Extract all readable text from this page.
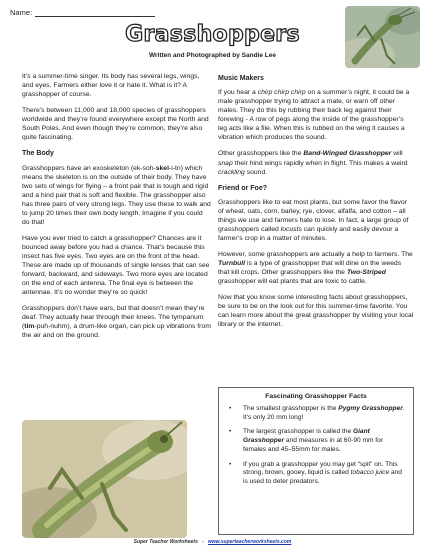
Name:
Grasshoppers
Written and Photographed by Sandie Lee

It’s a summer-time singer. Its body has several legs, wings, and eyes. Farmers either love it or hate it. What is it? A grasshopper of course.

There’s between 11,000 and 18,000 species of grasshoppers worldwide and they’re found everywhere except the North and South Poles. And even though they’re common, they’re also quite fascinating.

The Body

Grasshoppers have an exoskeleton (ek-soh-skel-i-tn) which means the skeleton is on the outside of their body. They have two sets of wings for flying – a front pair that is tough and rigid and a hind pair that is soft and flexible. The grasshopper also has three pairs of very strong legs. They use these to walk and to jump 20 times their own body length. Imagine if you could do that!

Have you ever tried to catch a grasshopper? Chances are it bounced away before you had a chance. That’s because this insect has five eyes. Two eyes are on the front of the head. These are made up of thousands of single lenses that can see forward, backward, and sideways. Two more eyes are located on the end of each antenna. The final eye is between the antennae. It’s no wonder they’re so quick!

Grasshoppers don’t have ears, but that doesn’t mean they’re deaf. They actually hear through their knees. The tympanum (tim-puh-nuhm), a drum-like organ, can pick up vibrations from the air and on the ground.

Music Makers

If you hear a chirp chirp chirp on a summer’s night, it could be a male grasshopper trying to attract a mate, or warn off other males. They do this by rubbing their back leg against their forewing - A row of pegs along the inside of the grasshopper’s leg acts like a file. When this is rubbed on the wing it causes a vibration which produces the sound.

Other grasshoppers like the Band-Winged Grasshopper will snap their hind wings rapidly when in flight. This makes a weird crackling sound.

Friend or Foe?

Grasshoppers like to eat most plants, but some favor the flavor of wheat, oats, corn, barley, rye, clover, alfalfa, and cotton – all things we use and farmers hate to lose. In fact, a large group of grasshoppers called locusts can quickly and easily devour a farmer’s crop in a matter of minutes.

However, some grasshoppers are actually a help to farmers. The Turnbull is a type of grasshopper that will dine on the weeds that kill crops. Other grasshoppers like the Two-Striped grasshopper will eat plants that are toxic to cattle.

Now that you know some interesting facts about grasshoppers, be sure to be on the look out for this summer-time favorite. You can learn more about the great grasshopper by visiting your local library or the internet.

Fascinating Grasshopper Facts
•	The smallest grasshopper is the Pygmy Grasshopper. It’s only 20 mm long!
•	The largest grasshopper is called the Giant Grasshopper and measures in at 60-90 mm for females and 45–55mm for males.
•	If you grab a grasshopper you may get “spit” on. This strong, brown, gooey, liquid is called tobacco juice and is used to deter predators.
Super Teacher Worksheets - www.superteacherworksheets.com
